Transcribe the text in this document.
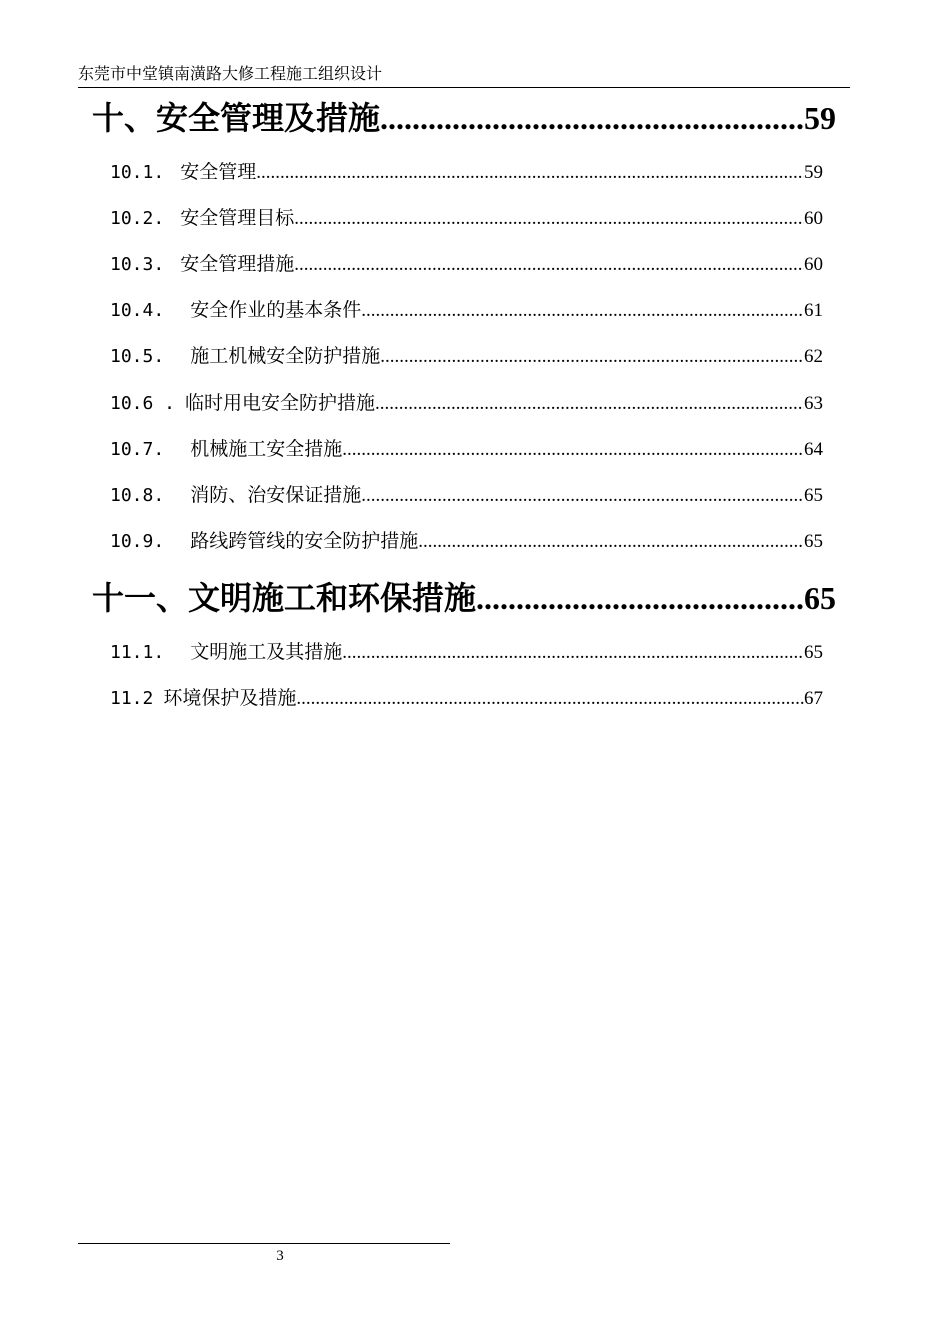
东莞市中堂镇南潢路大修工程施工组织设计
十、安全管理及措施 .....	59
10.1. 安全管理 .....	59
10.2. 安全管理目标 .....	60
10.3. 安全管理措施 .....	60
10.4. 安全作业的基本条件 .....	61
10.5. 施工机械安全防护措施 .....	62
10.6 . 临时用电安全防护措施 .....	63
10.7. 机械施工安全措施 .....	64
10.8. 消防、治安保证措施 .....	65
10.9. 路线跨管线的安全防护措施 .....	65
十一、文明施工和环保措施 .....	65
11.1. 文明施工及其措施 .....	65
11.2 环境保护及措施 .....	67
3
